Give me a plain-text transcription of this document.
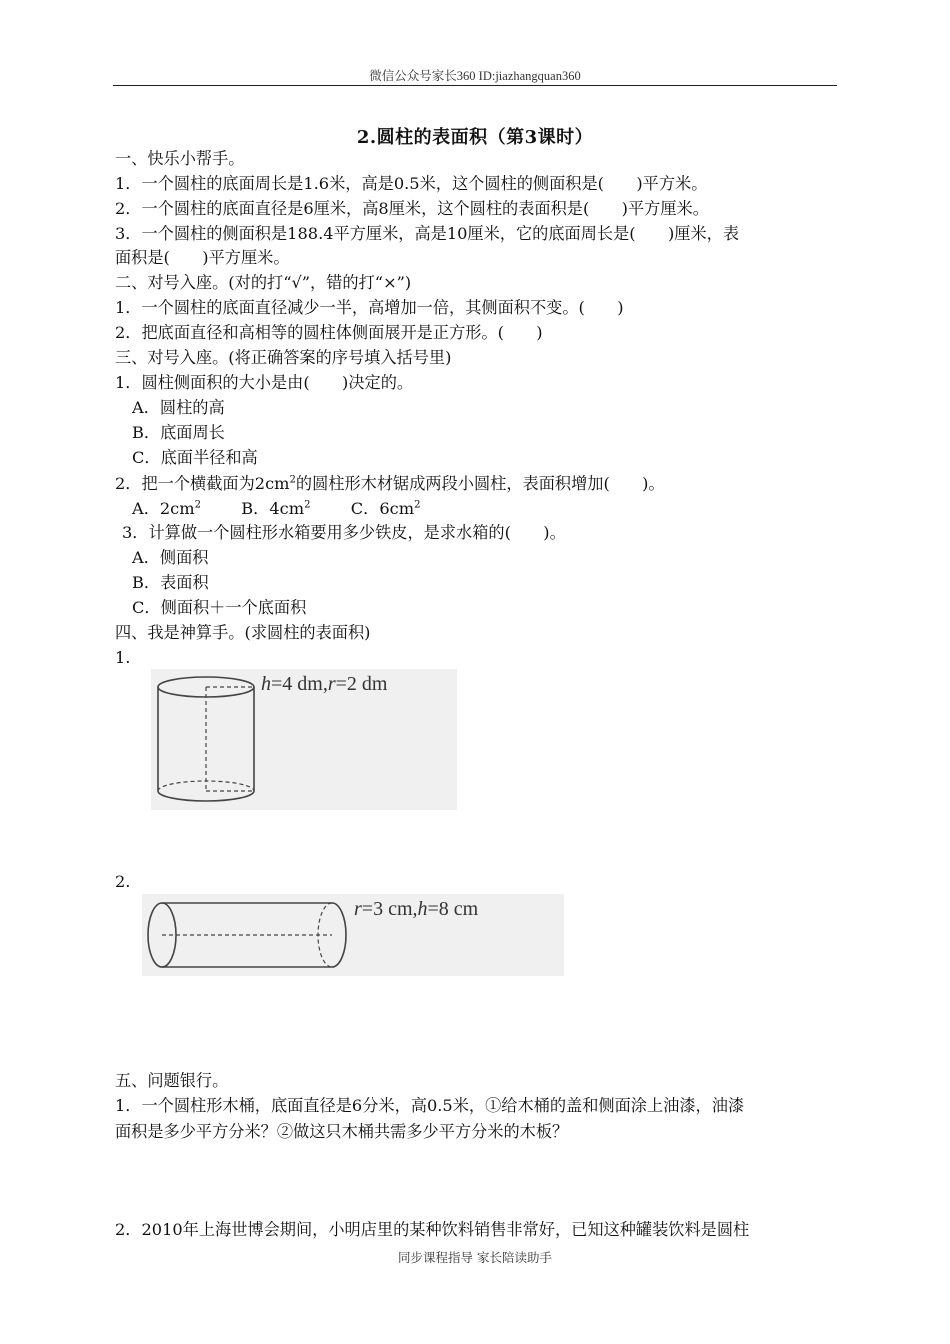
微信公众号家长360 ID:jiazhangquan360
2.圆柱的表面积（第3课时）
一、快乐小帮手。
1．一个圆柱的底面周长是1.6米，高是0.5米，这个圆柱的侧面积是(　　)平方米。
2．一个圆柱的底面直径是6厘米，高8厘米，这个圆柱的表面积是(　　)平方厘米。
3．一个圆柱的侧面积是188.4平方厘米，高是10厘米，它的底面周长是(　　)厘米，表
面积是(　　)平方厘米。
二、对号入座。(对的打“√”，错的打“×”)
1．一个圆柱的底面直径减少一半，高增加一倍，其侧面积不变。(　　)
2．把底面直径和高相等的圆柱体侧面展开是正方形。(　　)
三、对号入座。(将正确答案的序号填入括号里)
1．圆柱侧面积的大小是由(　　)决定的。
A．圆柱的高
B．底面周长
C．底面半径和高
2．把一个横截面为$2cm^2$的圆柱形木材锯成两段小圆柱，表面积增加(　　)。
A．$2cm^2$ B．$4cm^2$ C．$6cm^2$
3．计算做一个圆柱形水箱要用多少铁皮，是求水箱的(　　)。
A．侧面积
B．表面积
C．侧面积＋一个底面积
四、我是神算手。(求圆柱的表面积)
1.
h=4 dm,r=2 dm
2.
r=3 cm,h=8 cm
五、问题银行。
1．一个圆柱形木桶，底面直径是6分米，高0.5米，①给木桶的盖和侧面涂上油漆，油漆
面积是多少平方分米？②做这只木桶共需多少平方分米的木板？
2．2010年上海世博会期间，小明店里的某种饮料销售非常好，已知这种罐装饮料是圆柱
同步课程指导 家长陪读助手
